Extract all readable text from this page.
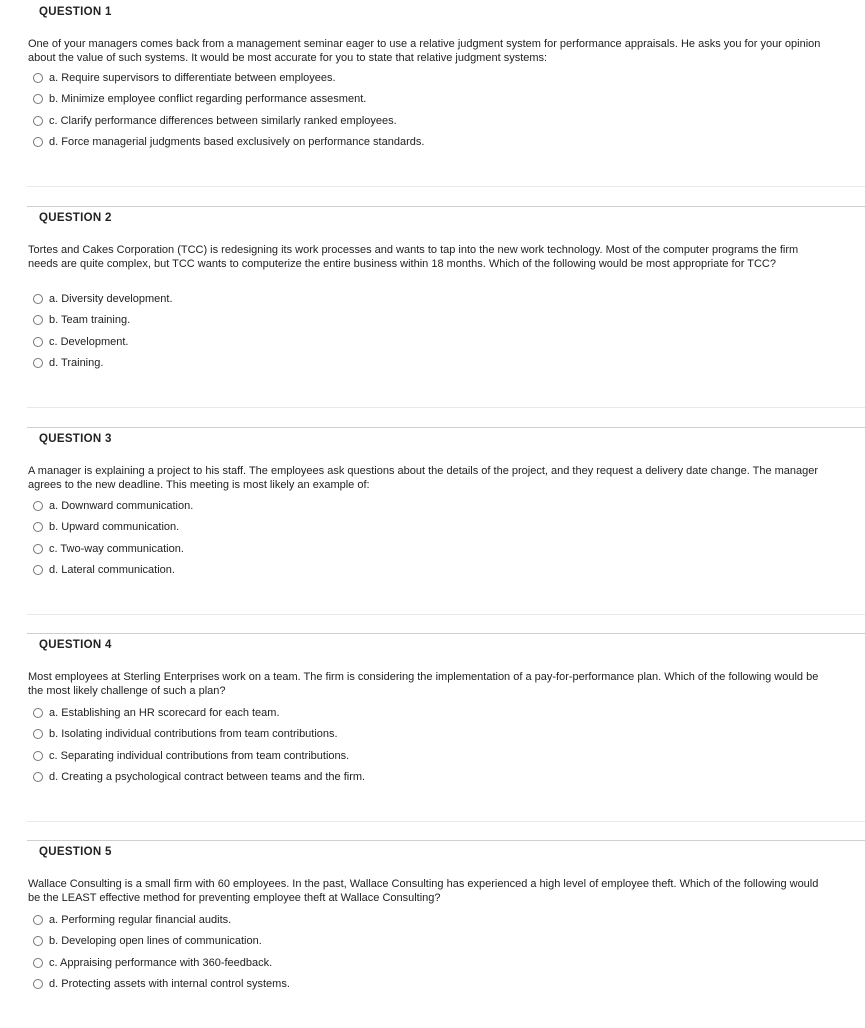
QUESTION 1

One of your managers comes back from a management seminar eager to use a relative judgment system for performance appraisals. He asks you for your opinion about the value of such systems. It would be most accurate for you to state that relative judgment systems:

a. Require supervisors to differentiate between employees.
b. Minimize employee conflict regarding performance assesment.
c. Clarify performance differences between similarly ranked employees.
d. Force managerial judgments based exclusively on performance standards.
QUESTION 2

Tortes and Cakes Corporation (TCC) is redesigning its work processes and wants to tap into the new work technology. Most of the computer programs the firm needs are quite complex, but TCC wants to computerize the entire business within 18 months. Which of the following would be most appropriate for TCC?

a. Diversity development.
b. Team training.
c. Development.
d. Training.
QUESTION 3

A manager is explaining a project to his staff. The employees ask questions about the details of the project, and they request a delivery date change. The manager agrees to the new deadline. This meeting is most likely an example of:

a. Downward communication.
b. Upward communication.
c. Two-way communication.
d. Lateral communication.
QUESTION 4

Most employees at Sterling Enterprises work on a team. The firm is considering the implementation of a pay-for-performance plan. Which of the following would be the most likely challenge of such a plan?

a. Establishing an HR scorecard for each team.
b. Isolating individual contributions from team contributions.
c. Separating individual contributions from team contributions.
d. Creating a psychological contract between teams and the firm.
QUESTION 5

Wallace Consulting is a small firm with 60 employees. In the past, Wallace Consulting has experienced a high level of employee theft. Which of the following would be the LEAST effective method for preventing employee theft at Wallace Consulting?

a. Performing regular financial audits.
b. Developing open lines of communication.
c. Appraising performance with 360-feedback.
d. Protecting assets with internal control systems.
